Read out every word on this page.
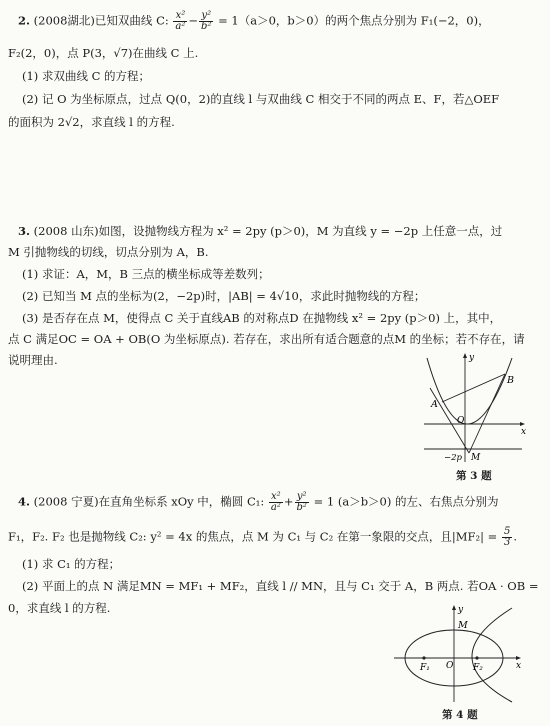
2. (2008湖北)已知双曲线 C: $\frac{\text{x²}}{\text{a²}} - \frac{\text{y²}}{\text{b²}} = 1(a>0$，b＞0）的两个焦点分别为 F₁(−2，0)，
F₂(2，0)，点 P(3，√7)在曲线 C 上.
(1) 求双曲线 C 的方程；
(2) 记 O 为坐标原点，过点 Q(0，2)的直线 l 与双曲线 C 相交于不同的两点 E、F，若△OEF
的面积为 2√2，求直线 l 的方程.
3. (2008 山东)如图，设抛物线方程为 x² = 2py (p＞0)，M 为直线 y = −2p 上任意一点，过
M 引抛物线的切线，切点分别为 A，B.
(1) 求证：A，M，B 三点的横坐标成等差数列；
(2) 已知当 M 点的坐标为(2，−2p)时，|AB| = 4√10，求此时抛物线的方程；
(3) 是否存在点 M，使得点 C 关于直线AB 的对称点D 在抛物线 x² = 2py (p＞0) 上，其中，
点 C 满足OC = OA + OB(O 为坐标原点). 若存在，求出所有适合题意的点M 的坐标；若不存在，请
说明理由.	y
x
A
B
O
M
−2p
第 3 题
4. (2008 宁夏)在直角坐标系 xOy 中，椭圆 C₁: $\frac{\text{x²}}{\text{a²}} + \frac{\text{y²}}{\text{b²}} = 1$ (a＞b＞0) 的左、右焦点分别为
F₁，F₂. F₂ 也是抛物线 C₂: y² = 4x 的焦点，点 M 为 C₁ 与 C₂ 在第一象限的交点，且$|MF_2| = \frac{5}{3}$ .
(1) 求 C₁ 的方程；
(2) 平面上的点 N 满足MN = MF₁ + MF₂，直线 l // MN，且与 C₁ 交于 A，B 两点. 若OA · OB =
0，求直线 l 的方程.	y
x
M
F₁ O F₂
第 4 题
